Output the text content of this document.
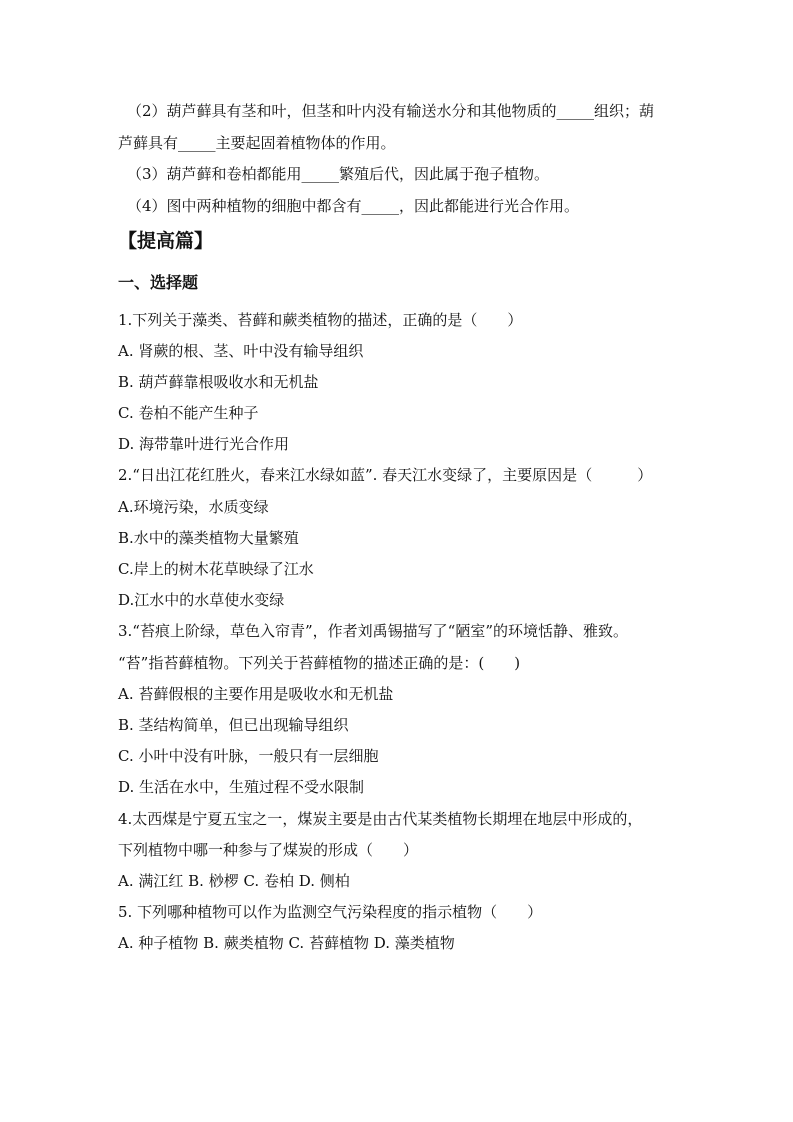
（2）葫芦藓具有茎和叶，但茎和叶内没有输送水分和其他物质的_____组织；葫
芦藓具有_____主要起固着植物体的作用。
（3）葫芦藓和卷柏都能用_____繁殖后代，因此属于孢子植物。
（4）图中两种植物的细胞中都含有_____，因此都能进行光合作用。
【提高篇】
一、选择题
1.下列关于藻类、苔藓和蕨类植物的描述，正确的是（　　）
A. 肾蕨的根、茎、叶中没有输导组织
B. 葫芦藓靠根吸收水和无机盐
C. 卷柏不能产生种子
D. 海带靠叶进行光合作用
2.“日出江花红胜火，春来江水绿如蓝”. 春天江水变绿了，主要原因是（　　　）
A.环境污染，水质变绿
B.水中的藻类植物大量繁殖
C.岸上的树木花草映绿了江水
D.江水中的水草使水变绿
3.“苔痕上阶绿，草色入帘青”，作者刘禹锡描写了“陋室”的环境恬静、雅致。
“苔”指苔藓植物。下列关于苔藓植物的描述正确的是：(　　)
A. 苔藓假根的主要作用是吸收水和无机盐
B. 茎结构简单，但已出现输导组织
C. 小叶中没有叶脉，一般只有一层细胞
D. 生活在水中，生殖过程不受水限制
4.太西煤是宁夏五宝之一，煤炭主要是由古代某类植物长期埋在地层中形成的，
下列植物中哪一种参与了煤炭的形成（　　）
A. 满江红 B. 桫椤 C. 卷柏 D. 侧柏
5. 下列哪种植物可以作为监测空气污染程度的指示植物（　　）
A. 种子植物 B. 蕨类植物 C. 苔藓植物 D. 藻类植物
